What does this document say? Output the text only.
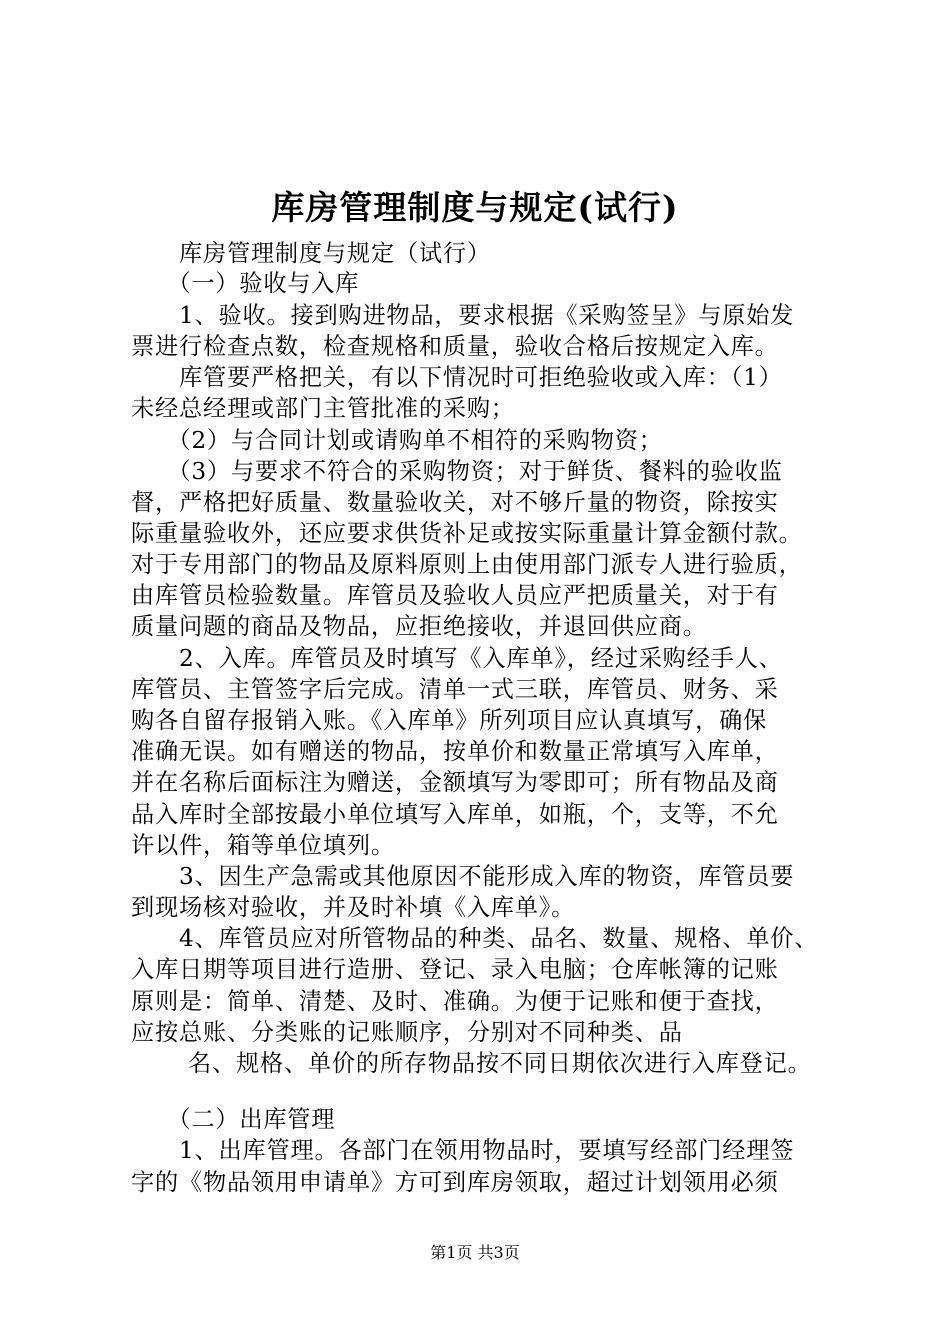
库房管理制度与规定(试行)
　　库房管理制度与规定（试行）
　　（一）验收与入库
　　1、验收。接到购进物品，要求根据《采购签呈》与原始发
票进行检查点数，检查规格和质量，验收合格后按规定入库。
　　库管要严格把关，有以下情况时可拒绝验收或入库：（1）
未经总经理或部门主管批准的采购；
　　（2）与合同计划或请购单不相符的采购物资；
　　（3）与要求不符合的采购物资；对于鲜货、餐料的验收监
督，严格把好质量、数量验收关，对不够斤量的物资，除按实
际重量验收外，还应要求供货补足或按实际重量计算金额付款。
对于专用部门的物品及原料原则上由使用部门派专人进行验质，
由库管员检验数量。库管员及验收人员应严把质量关，对于有
质量问题的商品及物品，应拒绝接收，并退回供应商。
　　2、入库。库管员及时填写《入库单》，经过采购经手人、
库管员、主管签字后完成。清单一式三联，库管员、财务、采
购各自留存报销入账。《入库单》所列项目应认真填写，确保
准确无误。如有赠送的物品，按单价和数量正常填写入库单，
并在名称后面标注为赠送，金额填写为零即可；所有物品及商
品入库时全部按最小单位填写入库单，如瓶，个，支等，不允
许以件，箱等单位填列。
　　3、因生产急需或其他原因不能形成入库的物资，库管员要
到现场核对验收，并及时补填《入库单》。
　　4、库管员应对所管物品的种类、品名、数量、规格、单价、
入库日期等项目进行造册、登记、录入电脑；仓库帐簿的记账
原则是：简单、清楚、及时、准确。为便于记账和便于查找，
应按总账、分类账的记账顺序，分别对不同种类、品
　　名、规格、单价的所存物品按不同日期依次进行入库登记。
　　（二）出库管理
　　1、出库管理。各部门在领用物品时，要填写经部门经理签
字的《物品领用申请单》方可到库房领取，超过计划领用必须
第1页 共3页
